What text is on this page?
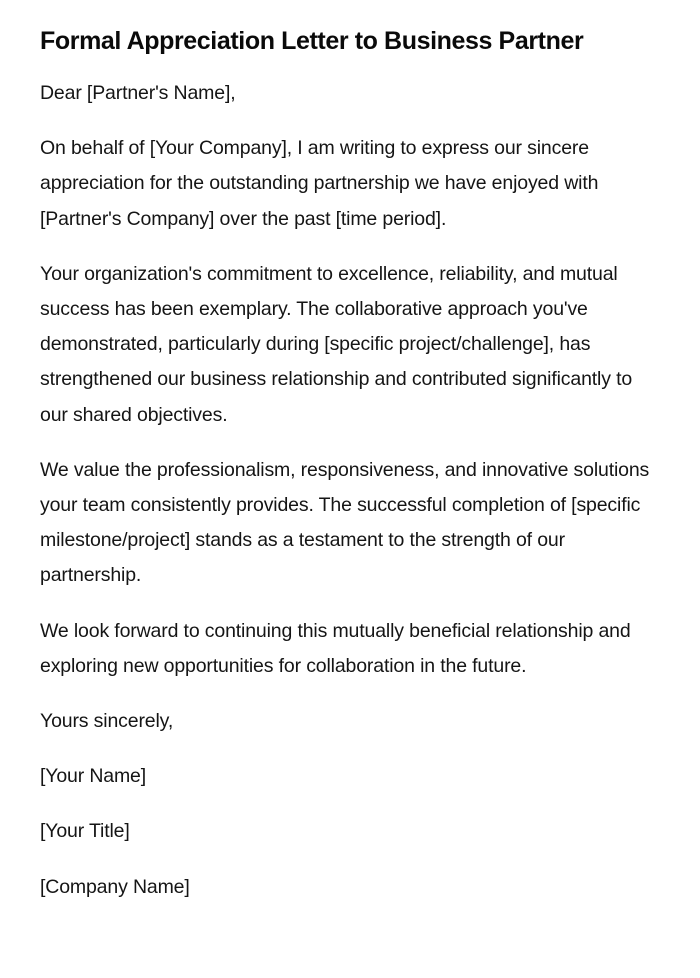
Formal Appreciation Letter to Business Partner

Dear [Partner's Name],

On behalf of [Your Company], I am writing to express our sincere appreciation for the outstanding partnership we have enjoyed with [Partner's Company] over the past [time period].

Your organization's commitment to excellence, reliability, and mutual success has been exemplary. The collaborative approach you've demonstrated, particularly during [specific project/challenge], has strengthened our business relationship and contributed significantly to our shared objectives.

We value the professionalism, responsiveness, and innovative solutions your team consistently provides. The successful completion of [specific milestone/project] stands as a testament to the strength of our partnership.

We look forward to continuing this mutually beneficial relationship and exploring new opportunities for collaboration in the future.

Yours sincerely,

[Your Name]

[Your Title]

[Company Name]
